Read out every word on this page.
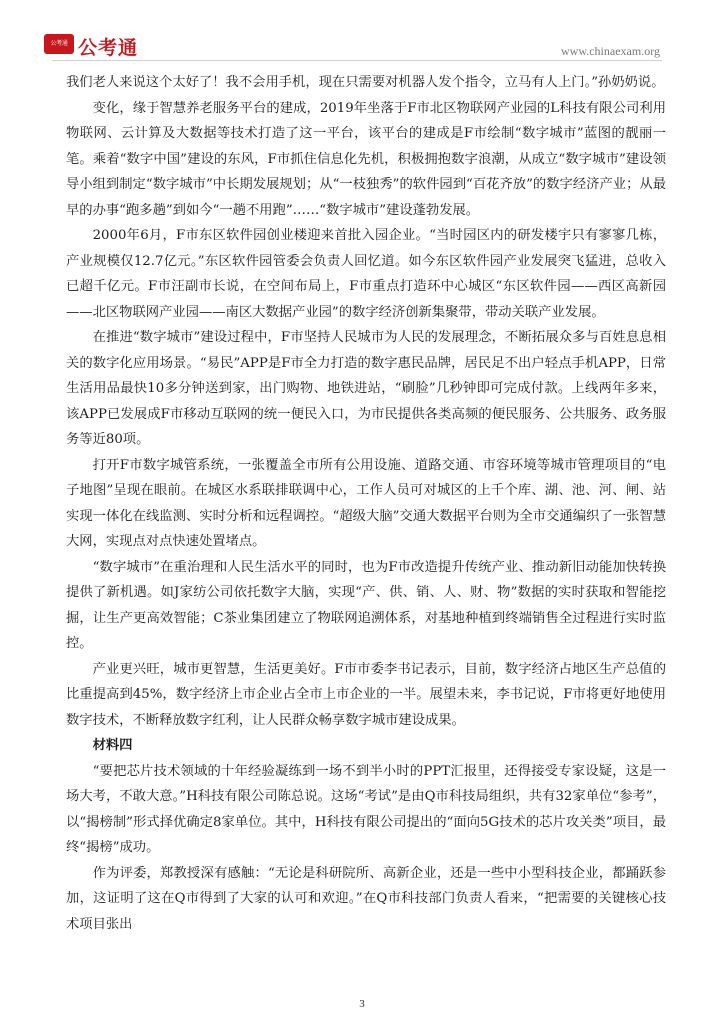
公考通 公考通	www.chinaexam.org

我们老人来说这个太好了！我不会用手机，现在只需要对机器人发个指令，立马有人上门。”孙奶奶说。

变化，缘于智慧养老服务平台的建成，2019年坐落于F市北区物联网产业园的L科技有限公司利用物联网、云计算及大数据等技术打造了这一平台，该平台的建成是F市绘制“数字城市”蓝图的靓丽一笔。乘着“数字中国”建设的东风，F市抓住信息化先机，积极拥抱数字浪潮，从成立“数字城市”建设领导小组到制定“数字城市”中长期发展规划；从“一枝独秀”的软件园到“百花齐放”的数字经济产业；从最早的办事“跑多趟”到如今“一趟不用跑”……“数字城市”建设蓬勃发展。

2000年6月，F市东区软件园创业楼迎来首批入园企业。“当时园区内的研发楼宇只有寥寥几栋，产业规模仅12.7亿元。”东区软件园管委会负责人回忆道。如今东区软件园产业发展突飞猛进，总收入已超千亿元。F市汪副市长说，在空间布局上，F市重点打造环中心城区“东区软件园——西区高新园——北区物联网产业园——南区大数据产业园”的数字经济创新集聚带，带动关联产业发展。

在推进“数字城市”建设过程中，F市坚持人民城市为人民的发展理念，不断拓展众多与百姓息息相关的数字化应用场景。“易民”APP是F市全力打造的数字惠民品牌，居民足不出户轻点手机APP，日常生活用品最快10多分钟送到家，出门购物、地铁进站，“刷脸”几秒钟即可完成付款。上线两年多来，该APP已发展成F市移动互联网的统一便民入口，为市民提供各类高频的便民服务、公共服务、政务服务等近80项。

打开F市数字城管系统，一张覆盖全市所有公用设施、道路交通、市容环境等城市管理项目的“电子地图”呈现在眼前。在城区水系联排联调中心，工作人员可对城区的上千个库、湖、池、河、闸、站实现一体化在线监测、实时分析和远程调控。“超级大脑”交通大数据平台则为全市交通编织了一张智慧大网，实现点对点快速处置堵点。

“数字城市”在重治理和人民生活水平的同时，也为F市改造提升传统产业、推动新旧动能加快转换提供了新机遇。如J家纺公司依托数字大脑，实现“产、供、销、人、财、物”数据的实时获取和智能挖掘，让生产更高效智能；C茶业集团建立了物联网追溯体系，对基地种植到终端销售全过程进行实时监控。

产业更兴旺，城市更智慧，生活更美好。F市市委李书记表示，目前，数字经济占地区生产总值的比重提高到45%，数字经济上市企业占全市上市企业的一半。展望未来，李书记说，F市将更好地使用数字技术，不断释放数字红利，让人民群众畅享数字城市建设成果。

材料四

“要把芯片技术领域的十年经验凝练到一场不到半小时的PPT汇报里，还得接受专家设疑，这是一场大考，不敢大意。”H科技有限公司陈总说。这场“考试”是由Q市科技局组织，共有32家单位“参考”，以“揭榜制”形式择优确定8家单位。其中，H科技有限公司提出的“面向5G技术的芯片攻关类”项目，最终“揭榜”成功。

作为评委，郑教授深有感触：“无论是科研院所、高新企业，还是一些中小型科技企业，都踊跃参加，这证明了这在Q市得到了大家的认可和欢迎。”在Q市科技部门负责人看来，“把需要的关键核心技术项目张出

3
